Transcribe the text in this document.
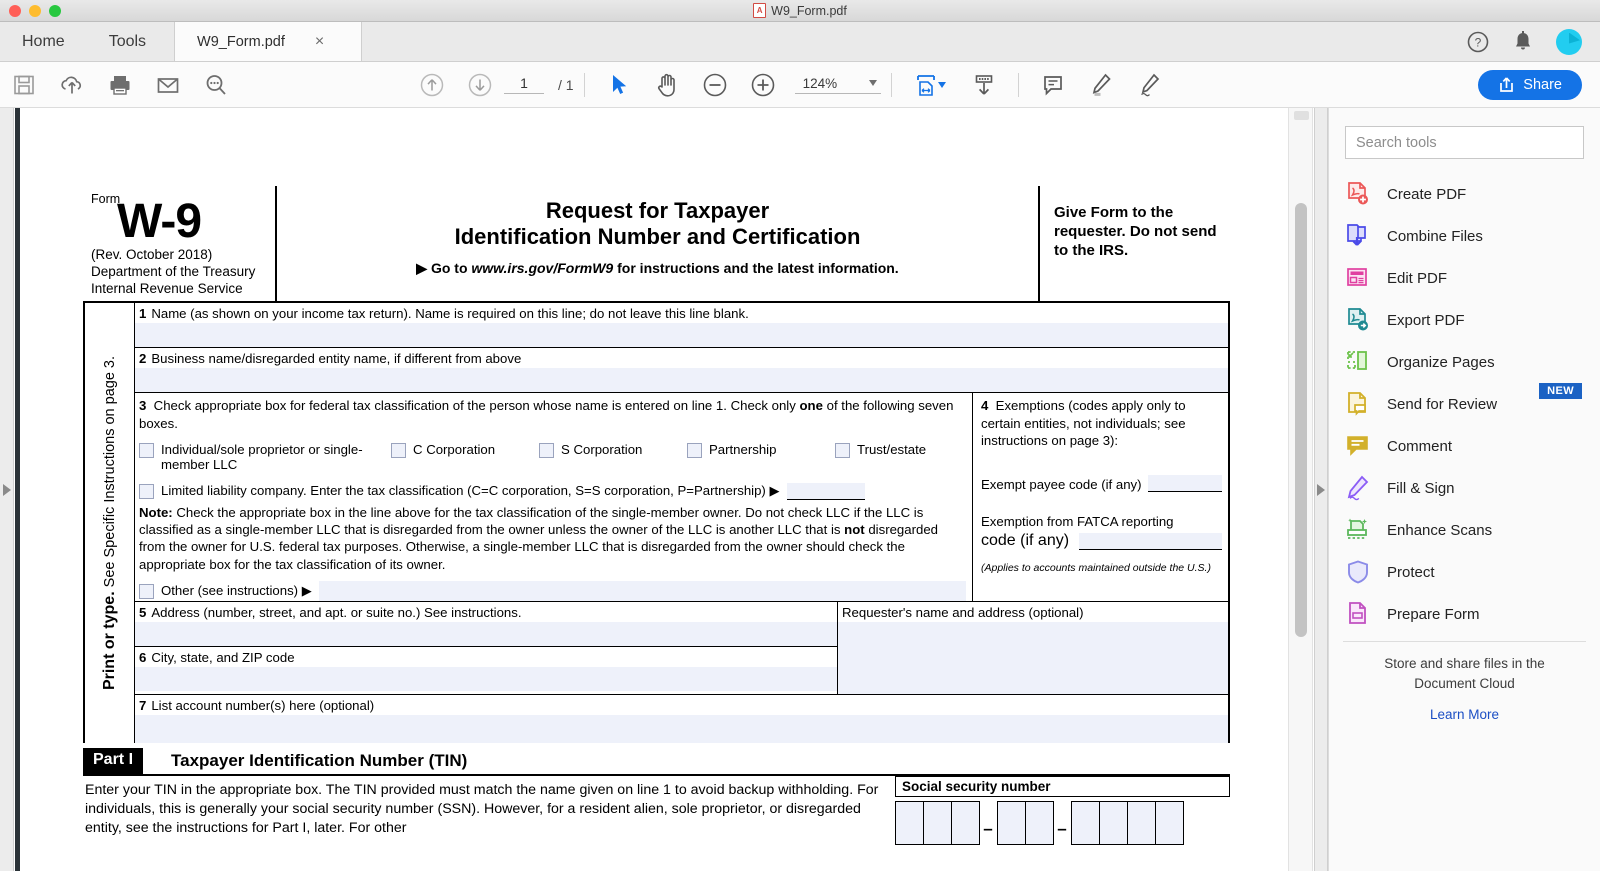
A W9_Form.pdf
Home	Tools	W9_Form.pdf ×	?
1	/ 1	124%	Share
Form
W-9
(Rev. October 2018)
Department of the Treasury
Internal Revenue Service
Request for Taxpayer
Identification Number and Certification
▶ Go to www.irs.gov/FormW9 for instructions and the latest information.
Give Form to the requester. Do not send to the IRS.
Print or type. See Specific Instructions on page 3.
1 Name (as shown on your income tax return). Name is required on this line; do not leave this line blank.
2 Business name/disregarded entity name, if different from above
3 Check appropriate box for federal tax classification of the person whose name is entered on line 1. Check only one of the following seven boxes.
Individual/sole proprietor or single-member LLC
C Corporation	S Corporation	Partnership	Trust/estate
Limited liability company. Enter the tax classification (C=C corporation, S=S corporation, P=Partnership) ▶
Note: Check the appropriate box in the line above for the tax classification of the single-member owner. Do not check LLC if the LLC is classified as a single-member LLC that is disregarded from the owner unless the owner of the LLC is another LLC that is not disregarded from the owner for U.S. federal tax purposes. Otherwise, a single-member LLC that is disregarded from the owner should check the appropriate box for the tax classification of its owner.
Other (see instructions) ▶
4 Exemptions (codes apply only to certain entities, not individuals; see instructions on page 3):
Exempt payee code (if any)
Exemption from FATCA reporting
code (if any)
(Applies to accounts maintained outside the U.S.)
5 Address (number, street, and apt. or suite no.) See instructions.
6 City, state, and ZIP code
Requester's name and address (optional)
7 List account number(s) here (optional)
Part I	Taxpayer Identification Number (TIN)
Enter your TIN in the appropriate box. The TIN provided must match the name given on line 1 to avoid backup withholding. For individuals, this is generally your social security number (SSN). However, for a resident alien, sole proprietor, or disregarded entity, see the instructions for Part I, later. For other
Social security number
–	–
Search tools
Create PDF
Combine Files
Edit PDF
Export PDF
Organize Pages
Send for Review
NEW
Comment
Fill & Sign
Enhance Scans
Protect
Prepare Form
Store and share files in the
Document Cloud
Learn More
